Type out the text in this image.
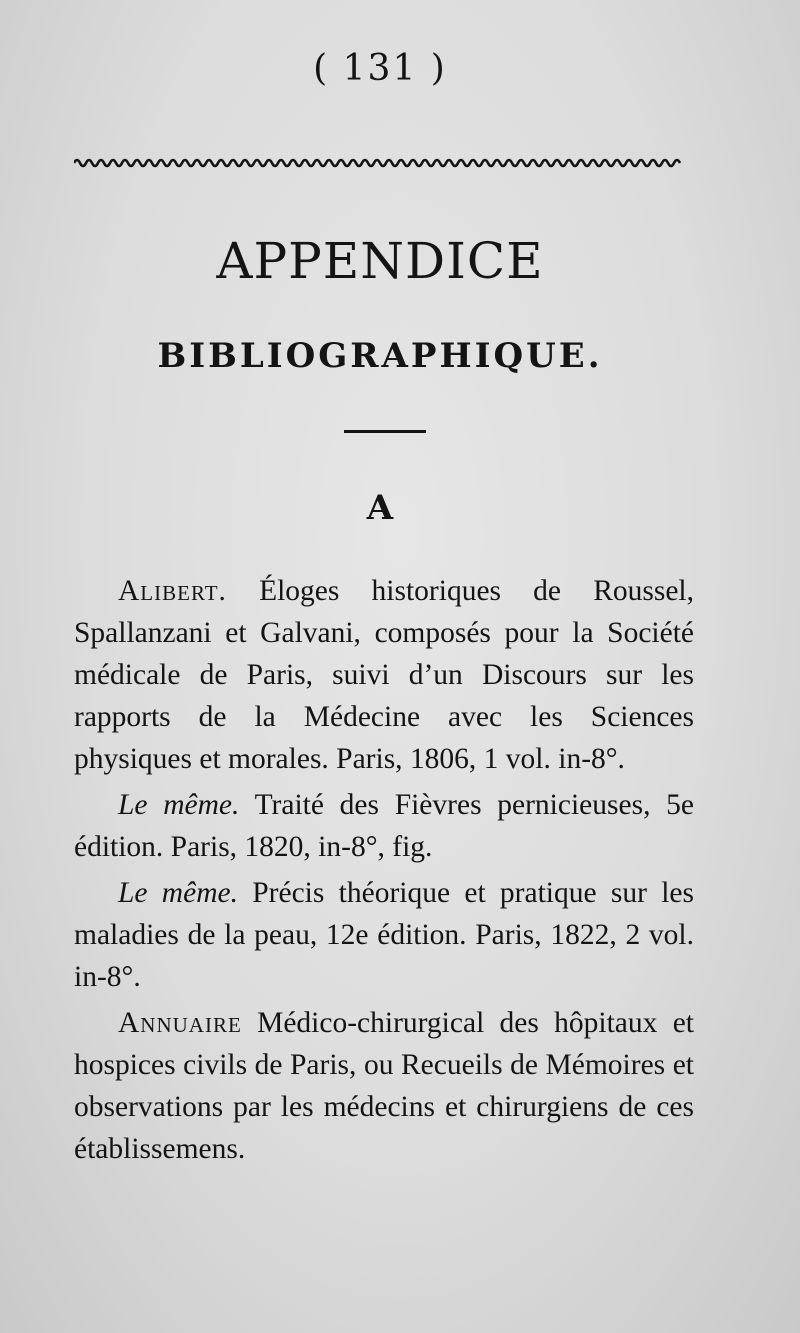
( 131 )
APPENDICE
BIBLIOGRAPHIQUE.
A

Alibert. Éloges historiques de Roussel, Spallanzani et Galvani, composés pour la Société médicale de Paris, suivi d’un Discours sur les rapports de la Médecine avec les Sciences physiques et morales. Paris, 1806, 1 vol. in-8°.

Le même. Traité des Fièvres pernicieuses, 5e édition. Paris, 1820, in-8°, fig.

Le même. Précis théorique et pratique sur les maladies de la peau, 12e édition. Paris, 1822, 2 vol. in-8°.

Annuaire Médico-chirurgical des hôpitaux et hospices civils de Paris, ou Recueils de Mémoires et observations par les médecins et chirurgiens de ces établissemens.
